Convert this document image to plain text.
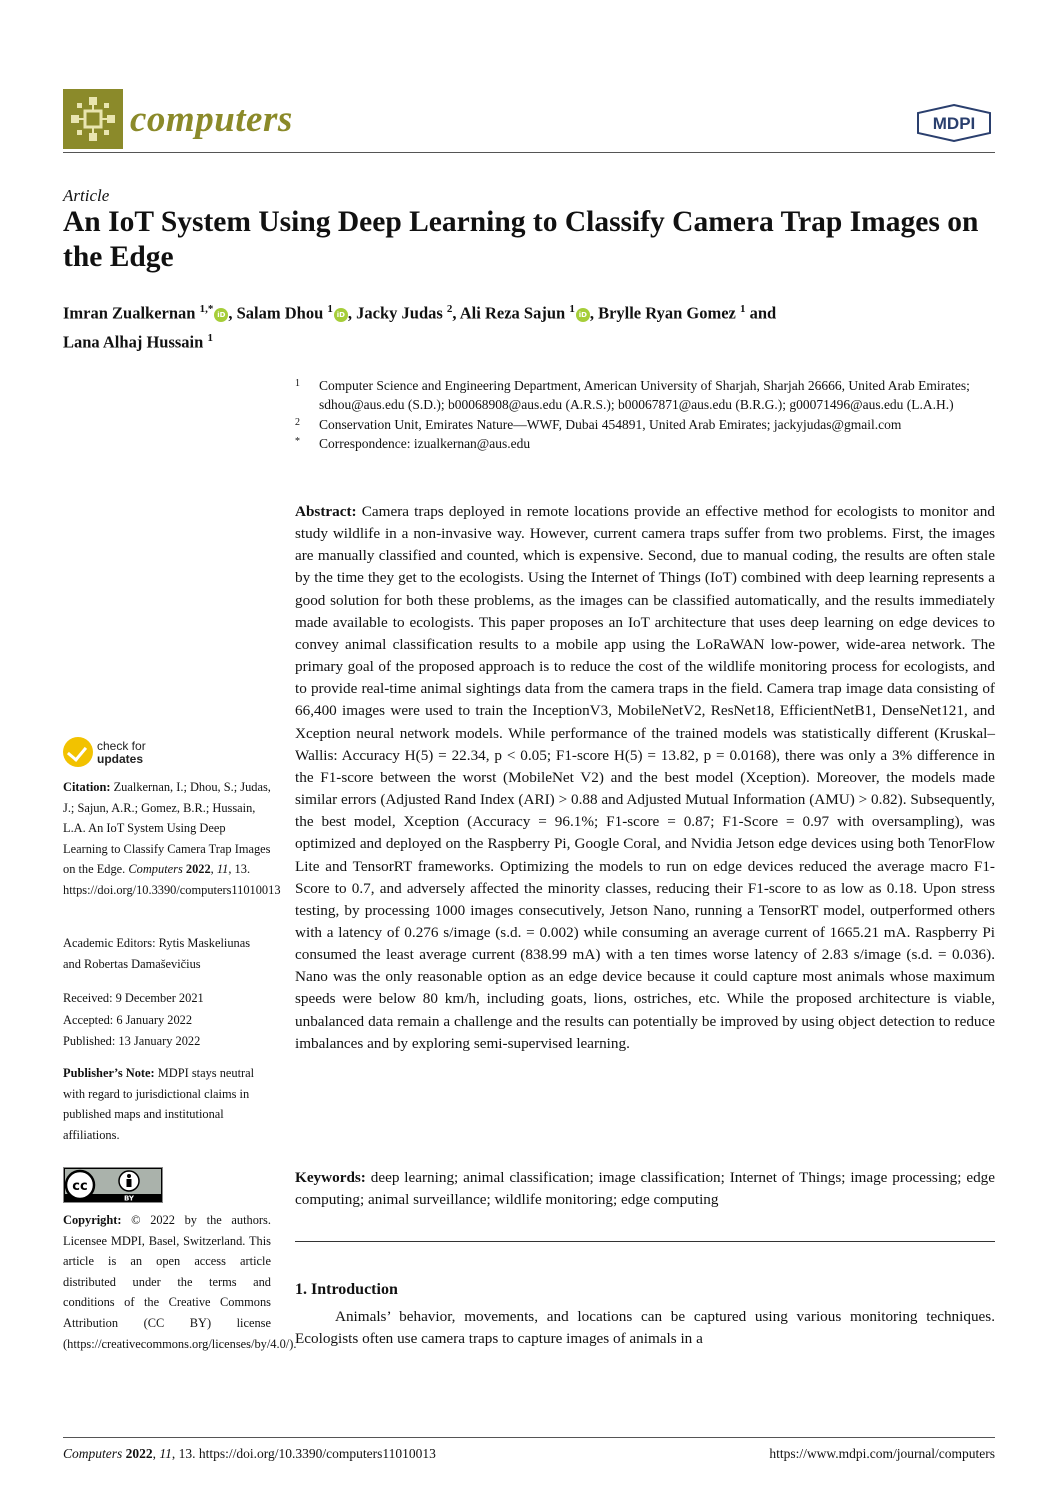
computers	MDPI
Article
An IoT System Using Deep Learning to Classify Camera Trap Images on the Edge
Imran Zualkernan $^{1,*}$ iD , Salam Dhou $^1$ iD , Jacky Judas $^2$, Ali Reza Sajun $^1$ iD , Brylle Ryan Gomez $^1$ and
Lana Alhaj Hussain $^1$
1 Computer Science and Engineering Department, American University of Sharjah, Sharjah 26666, United Arab Emirates; sdhou@aus.edu (S.D.); b00068908@aus.edu (A.R.S.); b00067871@aus.edu (B.R.G.); g00071496@aus.edu (L.A.H.)
2 Conservation Unit, Emirates Nature—WWF, Dubai 454891, United Arab Emirates; jackyjudas@gmail.com
* Correspondence: izualkernan@aus.edu
Abstract: Camera traps deployed in remote locations provide an effective method for ecologists to monitor and study wildlife in a non-invasive way. However, current camera traps suffer from two problems. First, the images are manually classified and counted, which is expensive. Second, due to manual coding, the results are often stale by the time they get to the ecologists. Using the Internet of Things (IoT) combined with deep learning represents a good solution for both these problems, as the images can be classified automatically, and the results immediately made available to ecologists. This paper proposes an IoT architecture that uses deep learning on edge devices to convey animal classification results to a mobile app using the LoRaWAN low-power, wide-area network. The primary goal of the proposed approach is to reduce the cost of the wildlife monitoring process for ecologists, and to provide real-time animal sightings data from the camera traps in the field. Camera trap image data consisting of 66,400 images were used to train the InceptionV3, MobileNetV2, ResNet18, EfficientNetB1, DenseNet121, and Xception neural network models. While performance of the trained models was statistically different (Kruskal–Wallis: Accuracy H(5) = 22.34, p < 0.05; F1-score H(5) = 13.82, p = 0.0168), there was only a 3% difference in the F1-score between the worst (MobileNet V2) and the best model (Xception). Moreover, the models made similar errors (Adjusted Rand Index (ARI) > 0.88 and Adjusted Mutual Information (AMU) > 0.82). Subsequently, the best model, Xception (Accuracy = 96.1%; F1-score = 0.87; F1-Score = 0.97 with oversampling), was optimized and deployed on the Raspberry Pi, Google Coral, and Nvidia Jetson edge devices using both TenorFlow Lite and TensorRT frameworks. Optimizing the models to run on edge devices reduced the average macro F1-Score to 0.7, and adversely affected the minority classes, reducing their F1-score to as low as 0.18. Upon stress testing, by processing 1000 images consecutively, Jetson Nano, running a TensorRT model, outperformed others with a latency of 0.276 s/image (s.d. = 0.002) while consuming an average current of 1665.21 mA. Raspberry Pi consumed the least average current (838.99 mA) with a ten times worse latency of 2.83 s/image (s.d. = 0.036). Nano was the only reasonable option as an edge device because it could capture most animals whose maximum speeds were below 80 km/h, including goats, lions, ostriches, etc. While the proposed architecture is viable, unbalanced data remain a challenge and the results can potentially be improved by using object detection to reduce imbalances and by exploring semi-supervised learning.
Keywords: deep learning; animal classification; image classification; Internet of Things; image processing; edge computing; animal surveillance; wildlife monitoring; edge computing
1. Introduction
Animals’ behavior, movements, and locations can be captured using various monitoring techniques. Ecologists often use camera traps to capture images of animals in a
check for
updates
Citation: Zualkernan, I.; Dhou, S.; Judas, J.; Sajun, A.R.; Gomez, B.R.; Hussain, L.A. An IoT System Using Deep Learning to Classify Camera Trap Images on the Edge. Computers 2022, 11, 13. https://doi.org/10.3390/computers11010013
Academic Editors: Rytis Maskeliunas and Robertas Damaševičius
Received: 9 December 2021
Accepted: 6 January 2022
Published: 13 January 2022
Publisher’s Note: MDPI stays neutral with regard to jurisdictional claims in published maps and institutional affiliations.
cc
BY
Copyright: © 2022 by the authors. Licensee MDPI, Basel, Switzerland. This article is an open access article distributed under the terms and conditions of the Creative Commons Attribution (CC BY) license (https://creativecommons.org/licenses/by/4.0/).
Computers 2022, 11, 13. https://doi.org/10.3390/computers11010013	https://www.mdpi.com/journal/computers
